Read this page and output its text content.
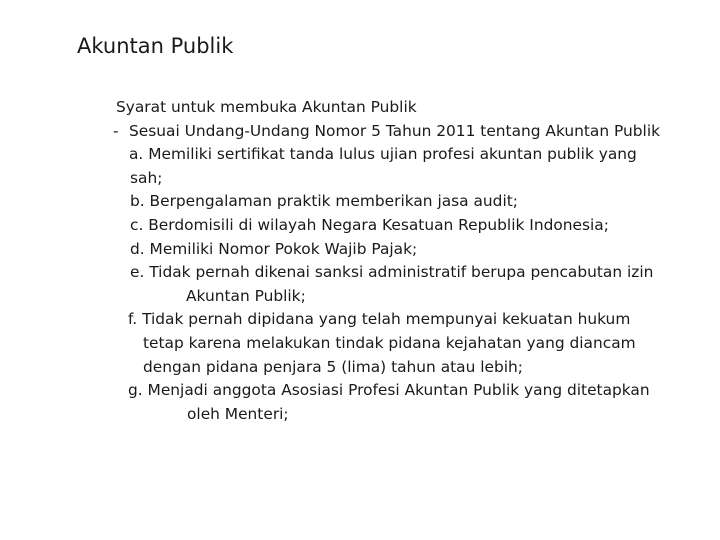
Akuntan Publik
Syarat untuk membuka Akuntan Publik
- Sesuai Undang-Undang Nomor 5 Tahun 2011 tentang Akuntan Publik
a. Memiliki sertifikat tanda lulus ujian profesi akuntan publik yang
sah;
b. Berpengalaman praktik memberikan jasa audit;
c. Berdomisili di wilayah Negara Kesatuan Republik Indonesia;
d. Memiliki Nomor Pokok Wajib Pajak;
e. Tidak pernah dikenai sanksi administratif berupa pencabutan izin
Akuntan Publik;
f. Tidak pernah dipidana yang telah mempunyai kekuatan hukum
tetap karena melakukan tindak pidana kejahatan yang diancam
dengan pidana penjara 5 (lima) tahun atau lebih;
g. Menjadi anggota Asosiasi Profesi Akuntan Publik yang ditetapkan
oleh Menteri;
